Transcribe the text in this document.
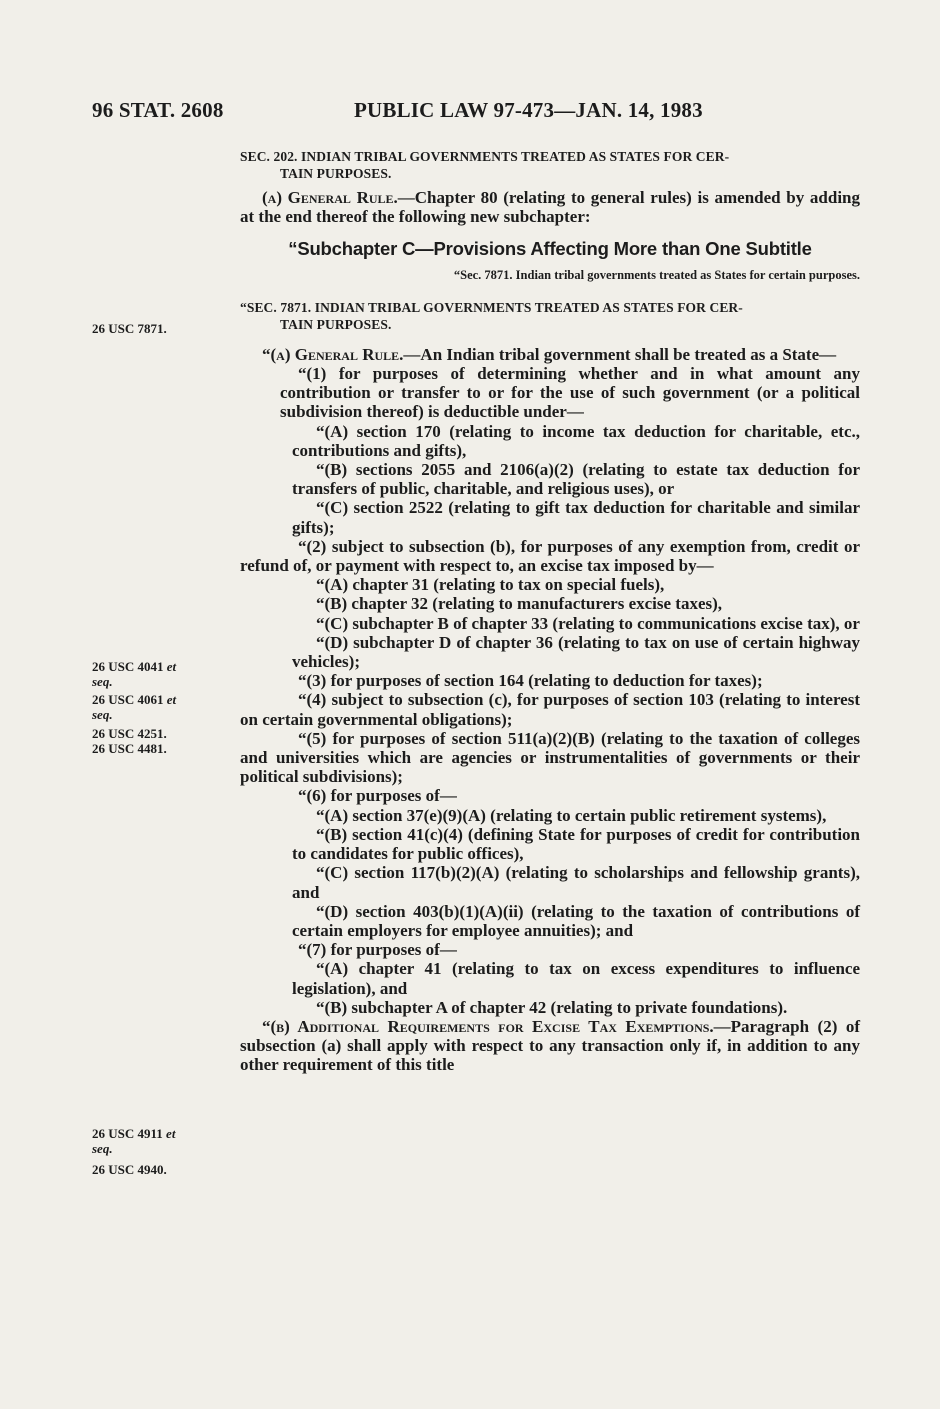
96 STAT. 2608	PUBLIC LAW 97-473—JAN. 14, 1983
26 USC 7871.
26 USC 4041 et
seq.
26 USC 4061 et
seq.
26 USC 4251.
26 USC 4481.
26 USC 4911 et
seq.
26 USC 4940.

SEC. 202. INDIAN TRIBAL GOVERNMENTS TREATED AS STATES FOR CER-
TAIN PURPOSES.

(a) General Rule.—Chapter 80 (relating to general rules) is amended by adding at the end thereof the following new subchapter:

“Subchapter C—Provisions Affecting More than One Subtitle

“Sec. 7871. Indian tribal governments treated as States for certain purposes.

“SEC. 7871. INDIAN TRIBAL GOVERNMENTS TREATED AS STATES FOR CER-
TAIN PURPOSES.

“(a) General Rule.—An Indian tribal government shall be treated as a State—

“(1) for purposes of determining whether and in what amount any contribution or transfer to or for the use of such government (or a political subdivision thereof) is deductible under—

“(A) section 170 (relating to income tax deduction for charitable, etc., contributions and gifts),

“(B) sections 2055 and 2106(a)(2) (relating to estate tax deduction for transfers of public, charitable, and religious uses), or

“(C) section 2522 (relating to gift tax deduction for charitable and similar gifts);

“(2) subject to subsection (b), for purposes of any exemption from, credit or refund of, or payment with respect to, an excise tax imposed by—

“(A) chapter 31 (relating to tax on special fuels),

“(B) chapter 32 (relating to manufacturers excise taxes),

“(C) subchapter B of chapter 33 (relating to communications excise tax), or

“(D) subchapter D of chapter 36 (relating to tax on use of certain highway vehicles);

“(3) for purposes of section 164 (relating to deduction for taxes);

“(4) subject to subsection (c), for purposes of section 103 (relating to interest on certain governmental obligations);

“(5) for purposes of section 511(a)(2)(B) (relating to the taxation of colleges and universities which are agencies or instrumentalities of governments or their political subdivisions);

“(6) for purposes of—

“(A) section 37(e)(9)(A) (relating to certain public retirement systems),

“(B) section 41(c)(4) (defining State for purposes of credit for contribution to candidates for public offices),

“(C) section 117(b)(2)(A) (relating to scholarships and fellowship grants), and

“(D) section 403(b)(1)(A)(ii) (relating to the taxation of contributions of certain employers for employee annuities); and

“(7) for purposes of—

“(A) chapter 41 (relating to tax on excess expenditures to influence legislation), and

“(B) subchapter A of chapter 42 (relating to private foundations).

“(b) Additional Requirements for Excise Tax Exemptions.—Paragraph (2) of subsection (a) shall apply with respect to any transaction only if, in addition to any other requirement of this title
